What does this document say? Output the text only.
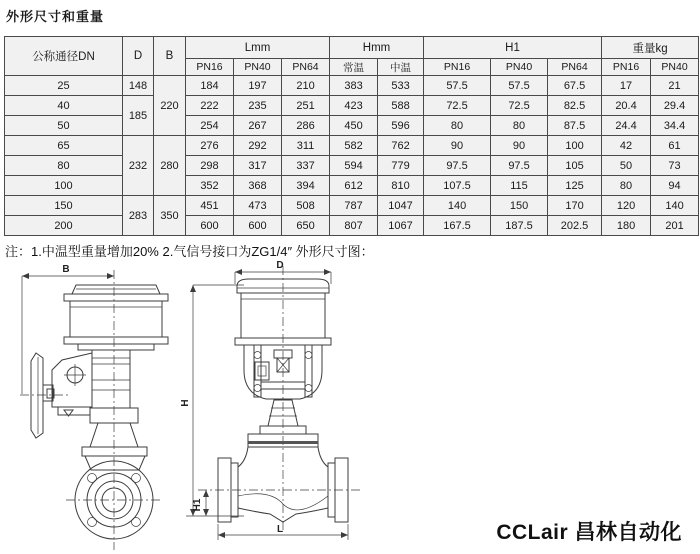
外形尺寸和重量
公称通径DN	D	B	Lmm			Hmm		H1			重量kg	
			PN16	PN40	PN64	常温	中温	PN16	PN40	PN64	PN16	PN40
25	148	220	184	197	210	383	533	57.5	57.5	67.5	17	21
40	185		222	235	251	423	588	72.5	72.5	82.5	20.4	29.4
50			254	267	286	450	596	80	80	87.5	24.4	34.4
65	232	280	276	292	311	582	762	90	90	100	42	61
80			298	317	337	594	779	97.5	97.5	105	50	73
100			352	368	394	612	810	107.5	115	125	80	94
150	283	350	451	473	508	787	1047	140	150	170	120	140
200			600	600	650	807	1067	167.5	187.5	202.5	180	201
注：1.中温型重量增加20% 2.气信号接口为ZG1/4″ 外形尺寸图：
B	D
H
H1
L	CCLair 昌林自动化
